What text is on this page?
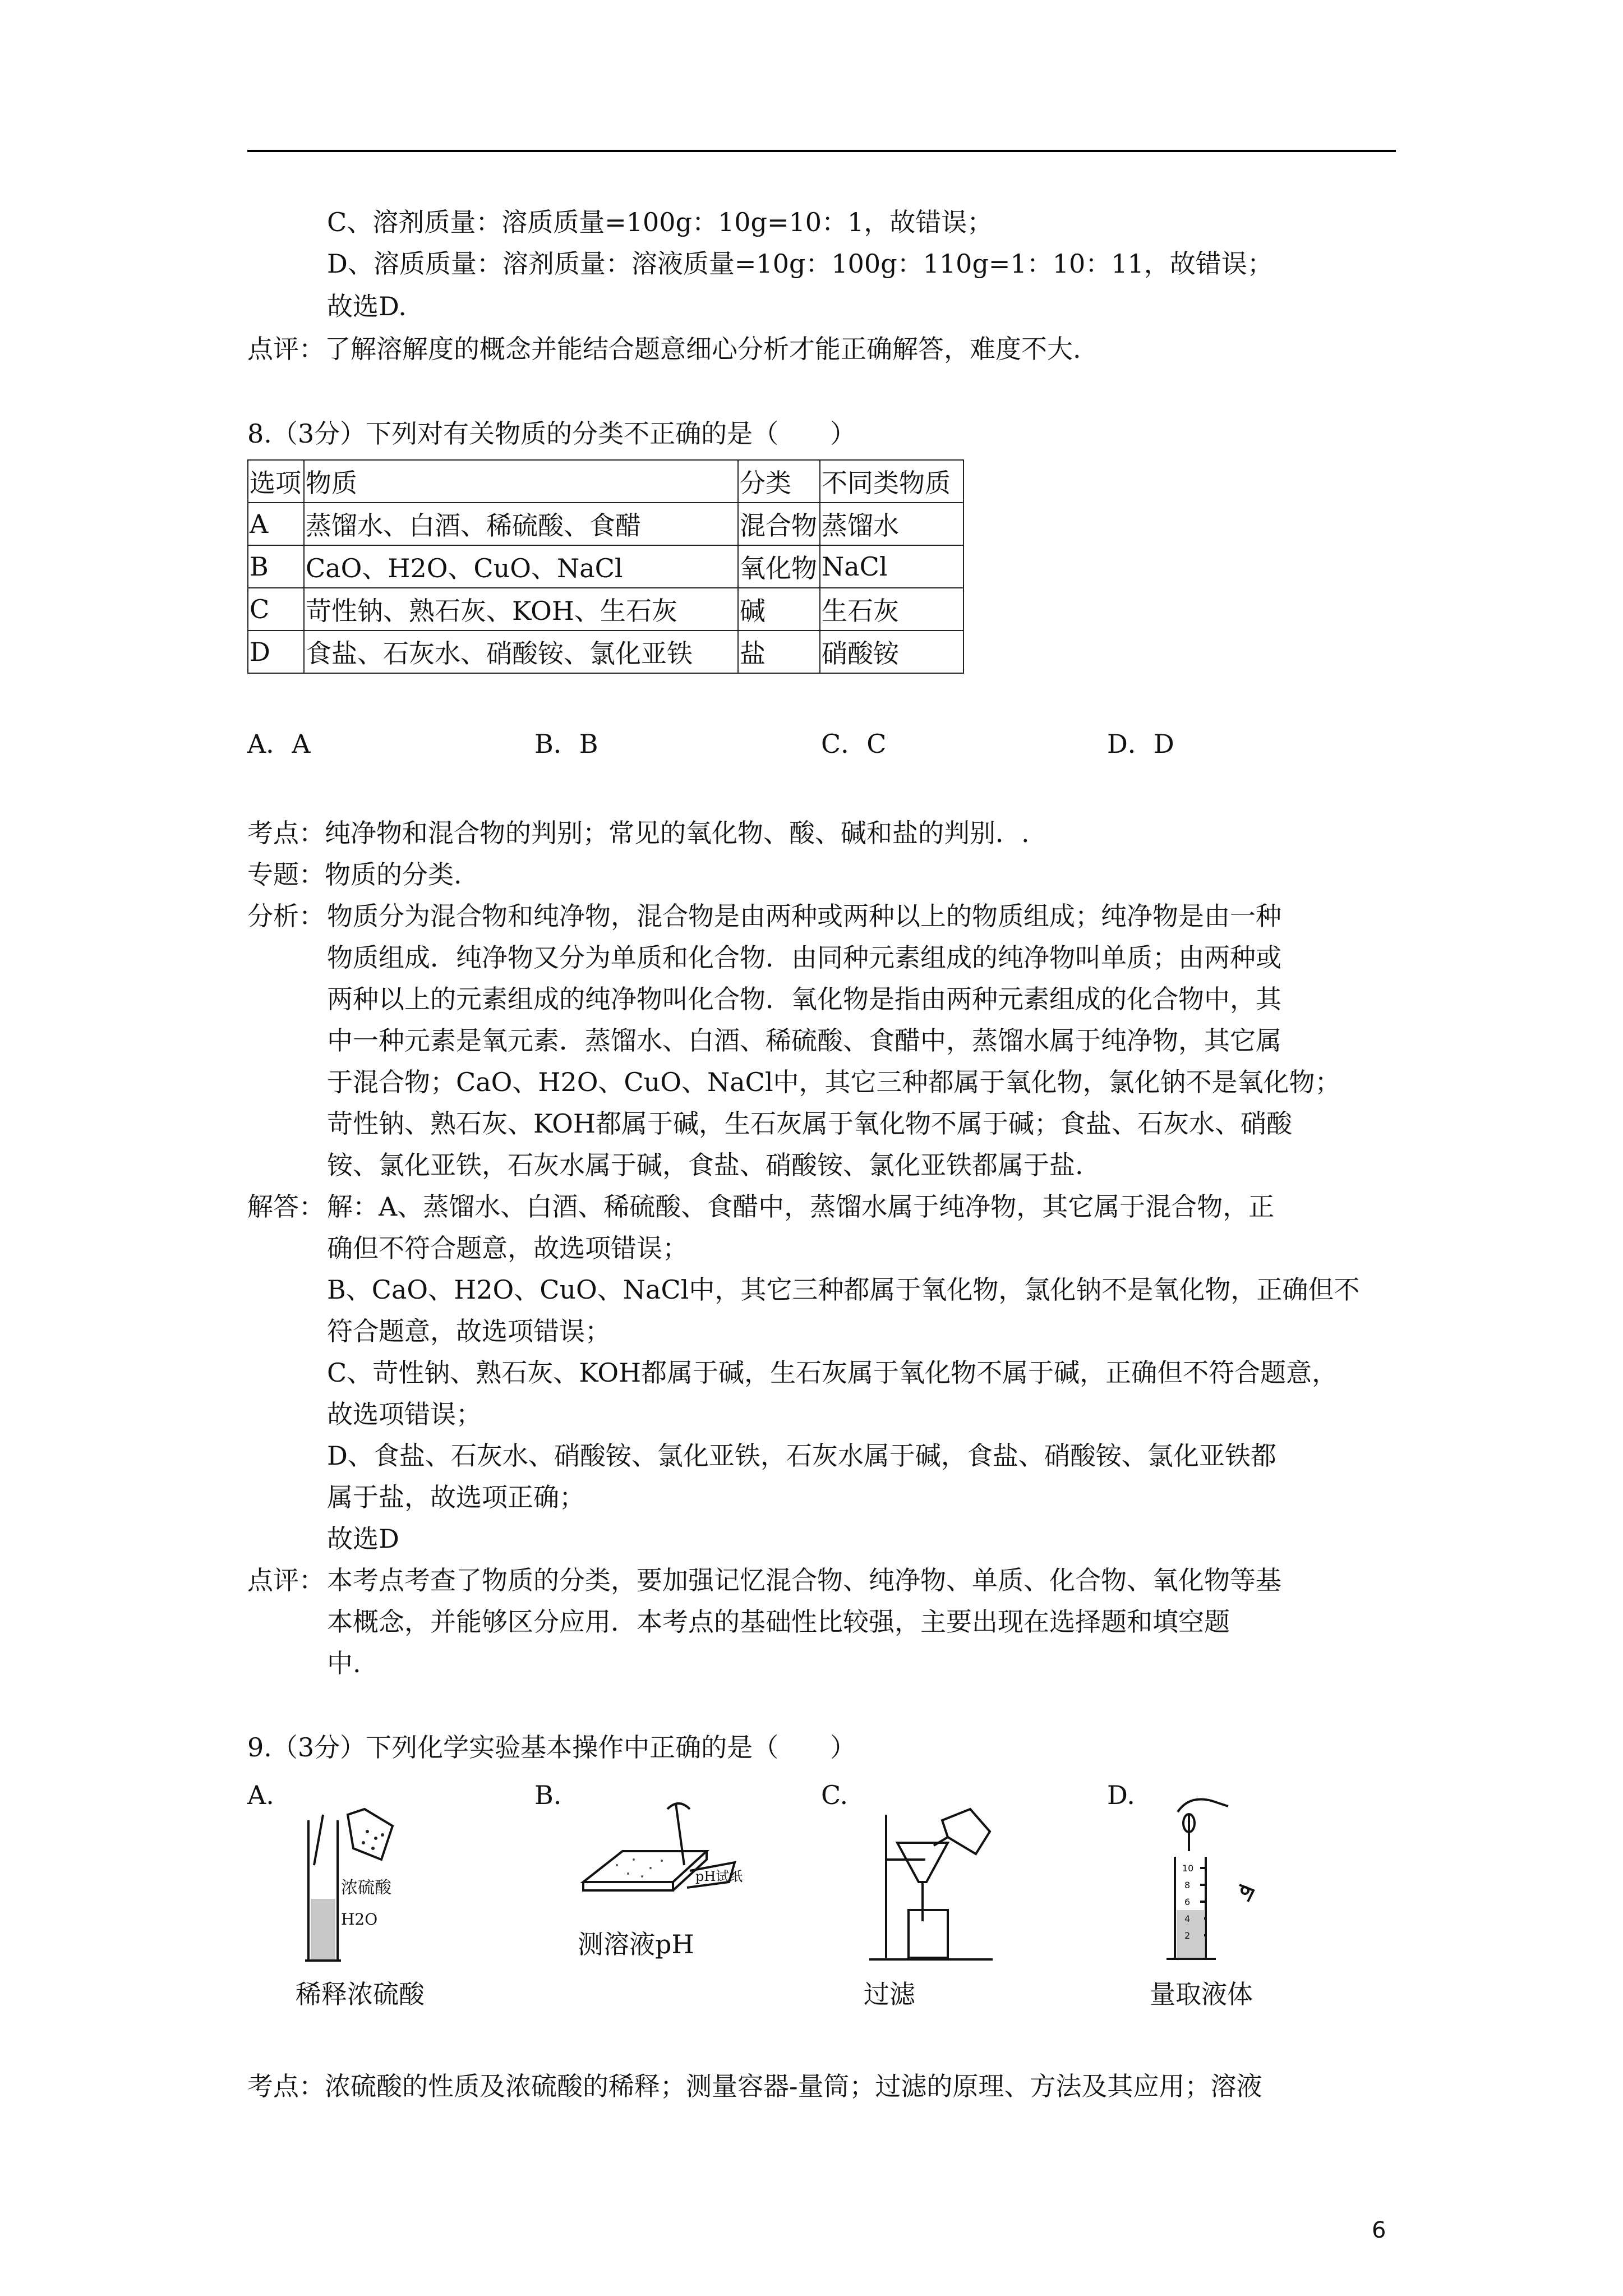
C、溶剂质量：溶质质量=100g：10g=10：1，故错误；
D、溶质质量：溶剂质量：溶液质量=10g：100g：110g=1：10：11，故错误；
故选D.
点评：了解溶解度的概念并能结合题意细心分析才能正确解答，难度不大.
8.（3分）下列对有关物质的分类不正确的是（　　）
选项	物质	分类	不同类物质
A	蒸馏水、白酒、稀硫酸、食醋	混合物	蒸馏水
B	CaO、H2O、CuO、NaCl	氧化物	NaCl
C	苛性钠、熟石灰、KOH、生石灰	碱	生石灰
D	食盐、石灰水、硝酸铵、氯化亚铁	盐	硝酸铵
A．A	B．B	C．C	D．D
考点：纯净物和混合物的判别；常见的氧化物、酸、碱和盐的判别．.
专题：物质的分类.
分析： 物质分为混合物和纯净物，混合物是由两种或两种以上的物质组成；纯净物是由一种
物质组成．纯净物又分为单质和化合物．由同种元素组成的纯净物叫单质；由两种或
两种以上的元素组成的纯净物叫化合物．氧化物是指由两种元素组成的化合物中，其
中一种元素是氧元素．蒸馏水、白酒、稀硫酸、食醋中，蒸馏水属于纯净物，其它属
于混合物；CaO、H2O、CuO、NaCl中，其它三种都属于氧化物，氯化钠不是氧化物；
苛性钠、熟石灰、KOH都属于碱，生石灰属于氧化物不属于碱；食盐、石灰水、硝酸
铵、氯化亚铁，石灰水属于碱，食盐、硝酸铵、氯化亚铁都属于盐.
解答： 解：A、蒸馏水、白酒、稀硫酸、食醋中，蒸馏水属于纯净物，其它属于混合物，正
确但不符合题意，故选项错误；
B、CaO、H2O、CuO、NaCl中，其它三种都属于氧化物，氯化钠不是氧化物，正确但不
符合题意，故选项错误；
C、苛性钠、熟石灰、KOH都属于碱，生石灰属于氧化物不属于碱，正确但不符合题意，
故选项错误；
D、食盐、石灰水、硝酸铵、氯化亚铁，石灰水属于碱，食盐、硝酸铵、氯化亚铁都
属于盐，故选项正确；
故选D
点评： 本考点考查了物质的分类，要加强记忆混合物、纯净物、单质、化合物、氧化物等基
本概念，并能够区分应用．本考点的基础性比较强，主要出现在选择题和填空题
中.
9.（3分）下列化学实验基本操作中正确的是（　　）
A.	B.	C.	D.
浓硫酸
H2O
pH试纸
10
8
6
4
2
测溶液pH
稀释浓硫酸	过滤	量取液体
考点：浓硫酸的性质及浓硫酸的稀释；测量容器-量筒；过滤的原理、方法及其应用；溶液
6
